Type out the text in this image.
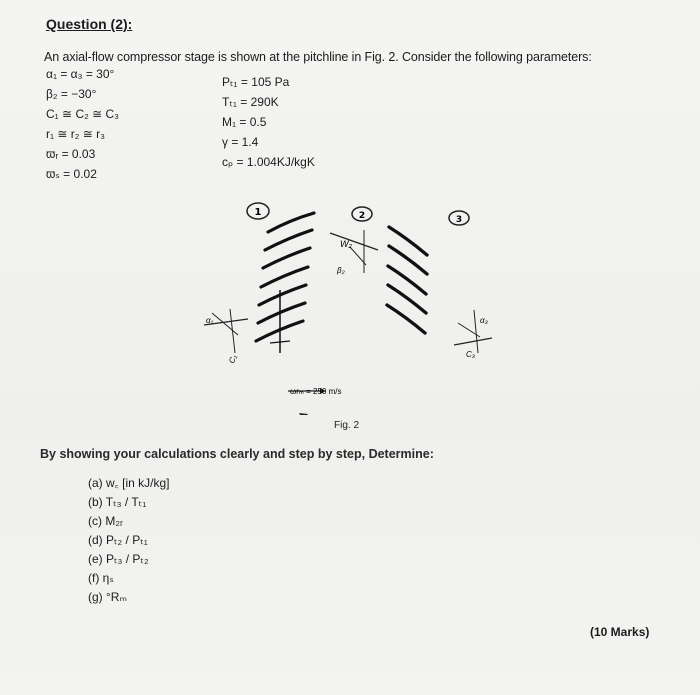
Question (2):
An axial-flow compressor stage is shown at the pitchline in Fig. 2. Consider the following parameters:
α₁ = α₃ = 30°
β₂ = −30°
C₁ ≅ C₂ ≅ C₃
r₁ ≅ r₂ ≅ r₃
ϖᵣ = 0.03
ϖₛ = 0.02
Pₜ₁ = 105 Pa
Tₜ₁ = 290K
M₁ = 0.5
γ = 1.4
cₚ = 1.004KJ/kgK
1	2	3
W₂
β₂
α₁
C₁
α₃
C₃
ωrₘ = 250 m/s
Fig. 2
By showing your calculations clearly and step by step, Determine:
(a) w꜀ [in kJ/kg]
(b) Tₜ₃ / Tₜ₁
(c) M₂ᵣ
(d) Pₜ₂ / Pₜ₁
(e) Pₜ₃ / Pₜ₂
(f) ηₛ
(g) °Rₘ
(10 Marks)
